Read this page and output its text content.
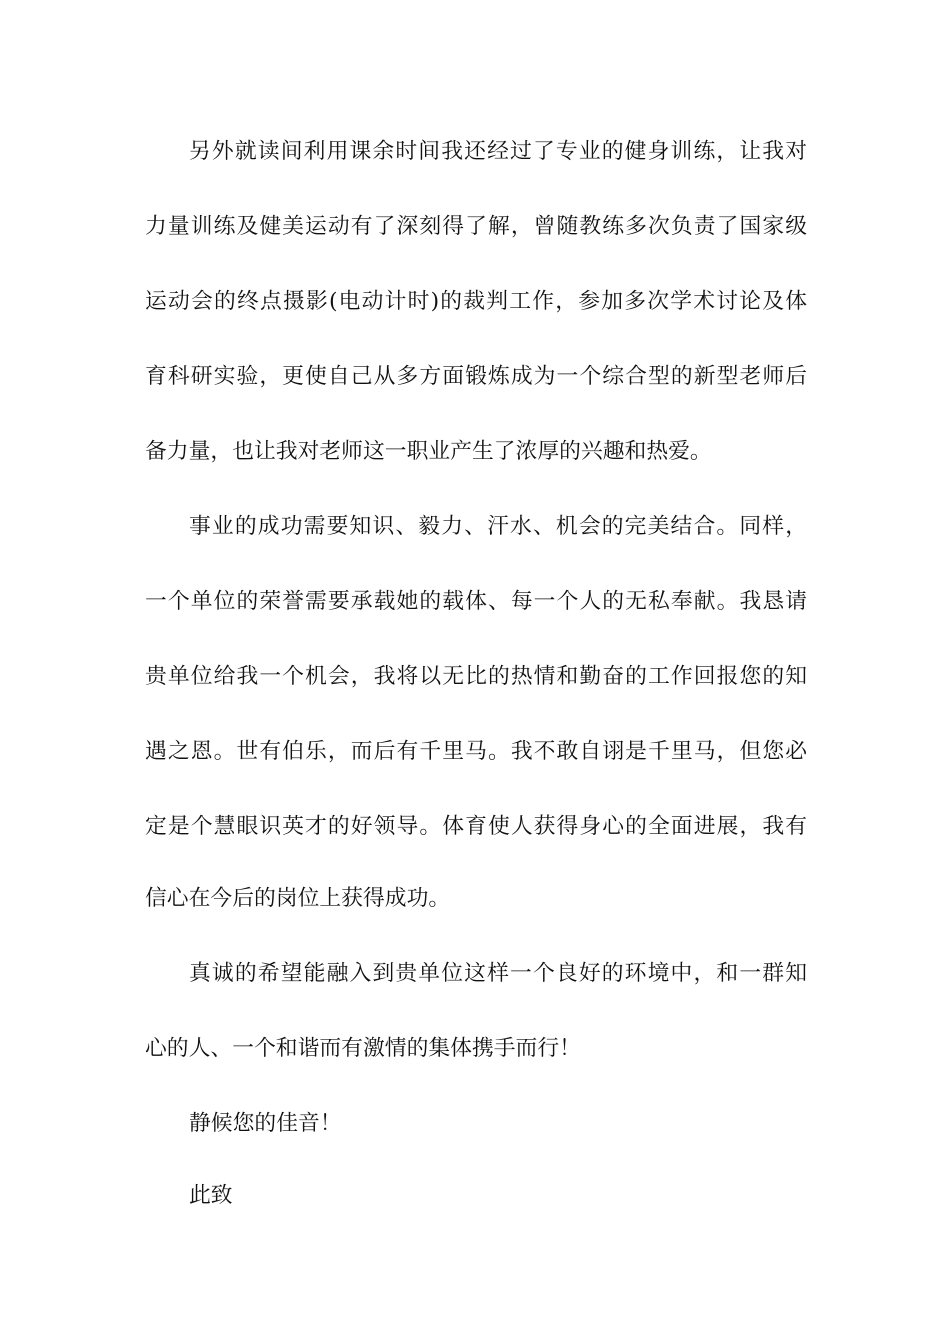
另外就读间利用课余时间我还经过了专业的健身训练，让我对
力量训练及健美运动有了深刻得了解，曾随教练多次负责了国家级
运动会的终点摄影(电动计时)的裁判工作，参加多次学术讨论及体
育科研实验，更使自己从多方面锻炼成为一个综合型的新型老师后
备力量，也让我对老师这一职业产生了浓厚的兴趣和热爱。
事业的成功需要知识、毅力、汗水、机会的完美结合。同样，
一个单位的荣誉需要承载她的载体、每一个人的无私奉献。我恳请
贵单位给我一个机会，我将以无比的热情和勤奋的工作回报您的知
遇之恩。世有伯乐，而后有千里马。我不敢自诩是千里马，但您必
定是个慧眼识英才的好领导。体育使人获得身心的全面进展，我有
信心在今后的岗位上获得成功。
真诚的希望能融入到贵单位这样一个良好的环境中，和一群知
心的人、一个和谐而有激情的集体携手而行！
静候您的佳音！
此致
